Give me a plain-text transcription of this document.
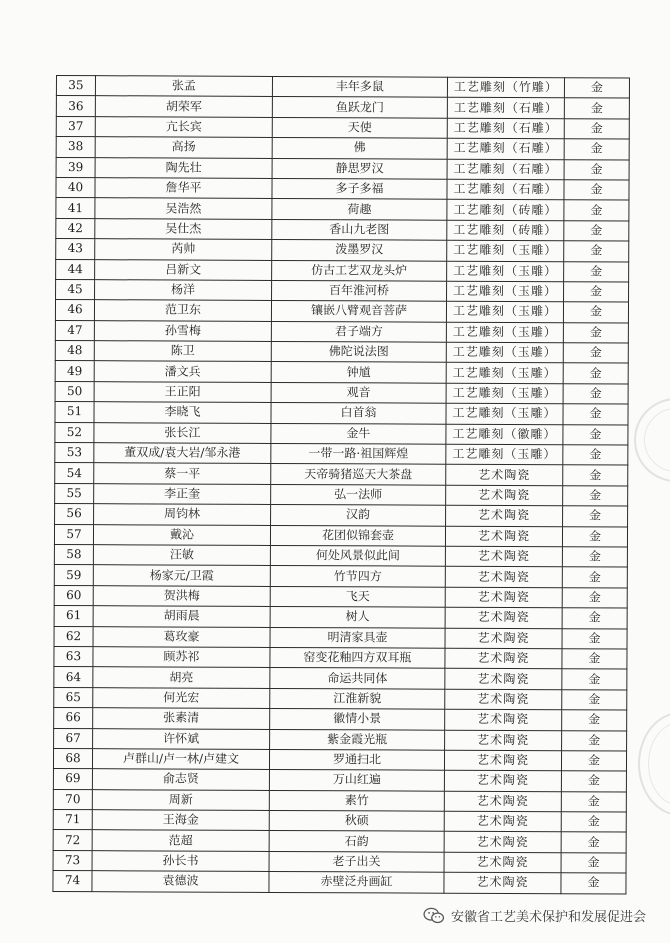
35	张孟	丰年多鼠	工艺雕刻（竹雕）	金
36	胡荣军	鱼跃龙门	工艺雕刻（石雕）	金
37	亢长宾	天使	工艺雕刻（石雕）	金
38	高扬	佛	工艺雕刻（石雕）	金
39	陶先壮	静思罗汉	工艺雕刻（石雕）	金
40	詹华平	多子多福	工艺雕刻（石雕）	金
41	吴浩然	荷趣	工艺雕刻（砖雕）	金
42	吴仕杰	香山九老图	工艺雕刻（砖雕）	金
43	芮帅	泼墨罗汉	工艺雕刻（玉雕）	金
44	吕新文	仿古工艺双龙头炉	工艺雕刻（玉雕）	金
45	杨洋	百年淮河桥	工艺雕刻（玉雕）	金
46	范卫东	镶嵌八臂观音菩萨	工艺雕刻（玉雕）	金
47	孙雪梅	君子端方	工艺雕刻（玉雕）	金
48	陈卫	佛陀说法图	工艺雕刻（玉雕）	金
49	潘文兵	钟馗	工艺雕刻（玉雕）	金
50	王正阳	观音	工艺雕刻（玉雕）	金
51	李晓飞	白首翁	工艺雕刻（玉雕）	金
52	张长江	金牛	工艺雕刻（徽雕）	金
53	董双成/袁大岩/邹永港	一带一路·祖国辉煌	工艺雕刻（玉雕）	金
54	蔡一平	天帝骑猪巡天大茶盘	艺术陶瓷	金
55	李正奎	弘一法师	艺术陶瓷	金
56	周钧林	汉韵	艺术陶瓷	金
57	戴沁	花团似锦套壶	艺术陶瓷	金
58	汪敏	何处风景似此间	艺术陶瓷	金
59	杨家元/卫霞	竹节四方	艺术陶瓷	金
60	贺洪梅	飞天	艺术陶瓷	金
61	胡雨晨	树人	艺术陶瓷	金
62	葛玫豪	明清家具壶	艺术陶瓷	金
63	顾苏祁	窑变花釉四方双耳瓶	艺术陶瓷	金
64	胡亮	命运共同体	艺术陶瓷	金
65	何光宏	江淮新貌	艺术陶瓷	金
66	张素清	徽情小景	艺术陶瓷	金
67	许怀斌	紫金霞光瓶	艺术陶瓷	金
68	卢群山/卢一林/卢建文	罗通扫北	艺术陶瓷	金
69	俞志贤	万山红遍	艺术陶瓷	金
70	周新	素竹	艺术陶瓷	金
71	王海金	秋硕	艺术陶瓷	金
72	范超	石韵	艺术陶瓷	金
73	孙长书	老子出关	艺术陶瓷	金
74	袁德波	赤壁泛舟画缸	艺术陶瓷	金
安徽省工艺美术保护和发展促进会
